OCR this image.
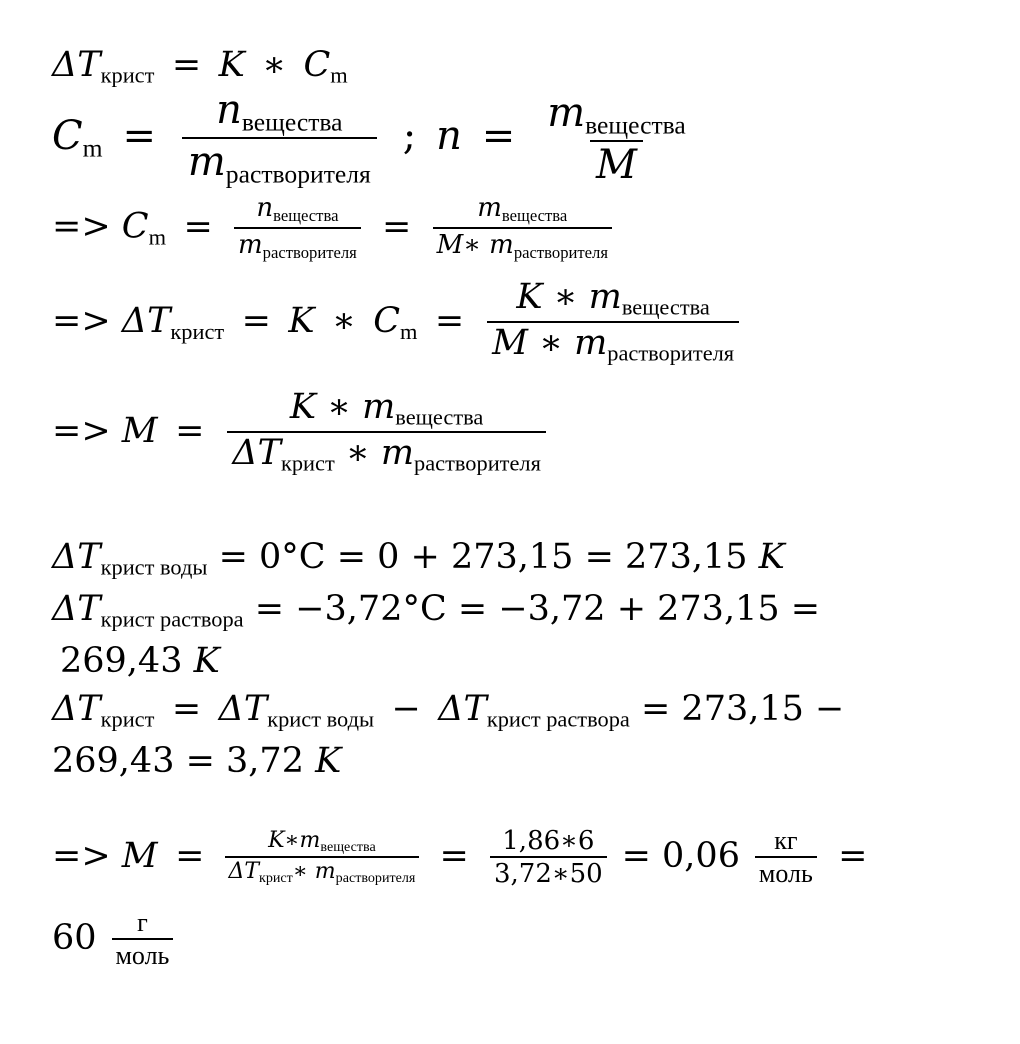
$\Delta T_{крист} = K$ ∗ $C_m$
$C_m = \frac{n_{вещества}}{m_{растворителя}}$ ; $n = \frac{m_{вещества}}{M}$
=> $C_m = \frac{n_{вещества}}{m_{растворителя}} = \frac{m_{вещества}}{M∗ m_{растворителя}}$
=> $\Delta T_{крист} = K$ ∗ $C_m = \frac{K ∗ m_{вещества}}{M ∗ m_{растворителя}}$
=> $M = \frac{K ∗ m_{вещества}}{\Delta T_{крист} ∗ m_{растворителя}}$
$\Delta T_{крист воды} = 0^\circ C = 0 + 273,15 = 273,15$ K
$\Delta T_{крист раствора} = -3,72^\circ C = -3,72 + 273,15$ =
269,43 K
$\Delta T_{крист} = \Delta T_{крист воды} - \Delta T_{крист раствора} = 273,15$ −
269,43 = 3,72 K
=> $M = \frac{K∗m_{вещества}}{\Delta T_{крист}∗ m_{растворителя}} = \frac{1,86∗6}{3,72∗50} = 0,06 \frac{кг}{\text{моль}}$ =
$60 \frac{г}{\text{моль}}$
